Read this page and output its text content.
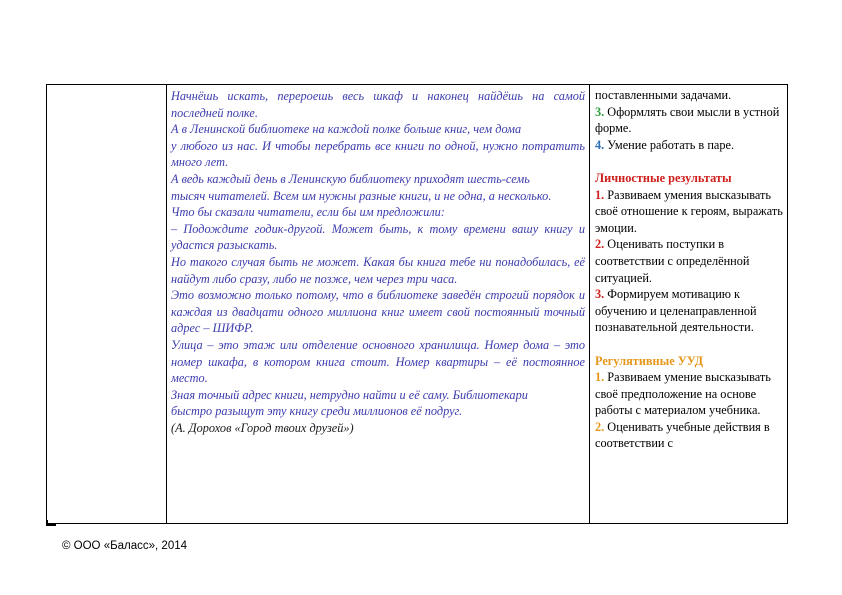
Начнёшь искать, перероешь весь шкаф и наконец найдёшь на самой последней полке.

А в Ленинской библиотеке на каждой полке больше книг, чем дома

у любого из нас. И чтобы перебрать все книги по одной, нужно потратить много лет.

А ведь каждый день в Ленинскую библиотеку приходят шесть-семь

тысяч читателей. Всем им нужны разные книги, и не одна, а несколько.

Что бы сказали читатели, если бы им предложили:

– Подождите годик-другой. Может быть, к тому времени вашу книгу и удастся разыскать.

Но такого случая быть не может. Какая бы книга тебе ни понадобилась, её найдут либо сразу, либо не позже, чем через три часа.

Это возможно только потому, что в библиотеке заведён строгий порядок и каждая из двадцати одного миллиона книг имеет свой постоянный точный адрес – ШИФР.

Улица – это этаж или отделение основного хранилища. Номер дома – это номер шкафа, в котором книга стоит. Номер квартиры – её постоянное место.

Зная точный адрес книги, нетрудно найти и её саму. Библиотекари

быстро разыщут эту книгу среди миллионов её подруг.

(А. Дорохов «Город твоих друзей»)

поставленными задачами.

3. Оформлять свои мысли в устной форме.

4. Умение работать в паре.

Личностные результаты

1. Развиваем умения высказывать своё отношение к героям, выражать эмоции.

2. Оценивать поступки в соответствии с определённой ситуацией.

3. Формируем мотивацию к обучению и целенаправленной познавательной деятельности.

Регулятивные УУД

1. Развиваем умение высказывать своё предположение на основе работы с материалом учебника.

2. Оценивать учебные действия в соответствии с

© ООО «Баласс», 2014
